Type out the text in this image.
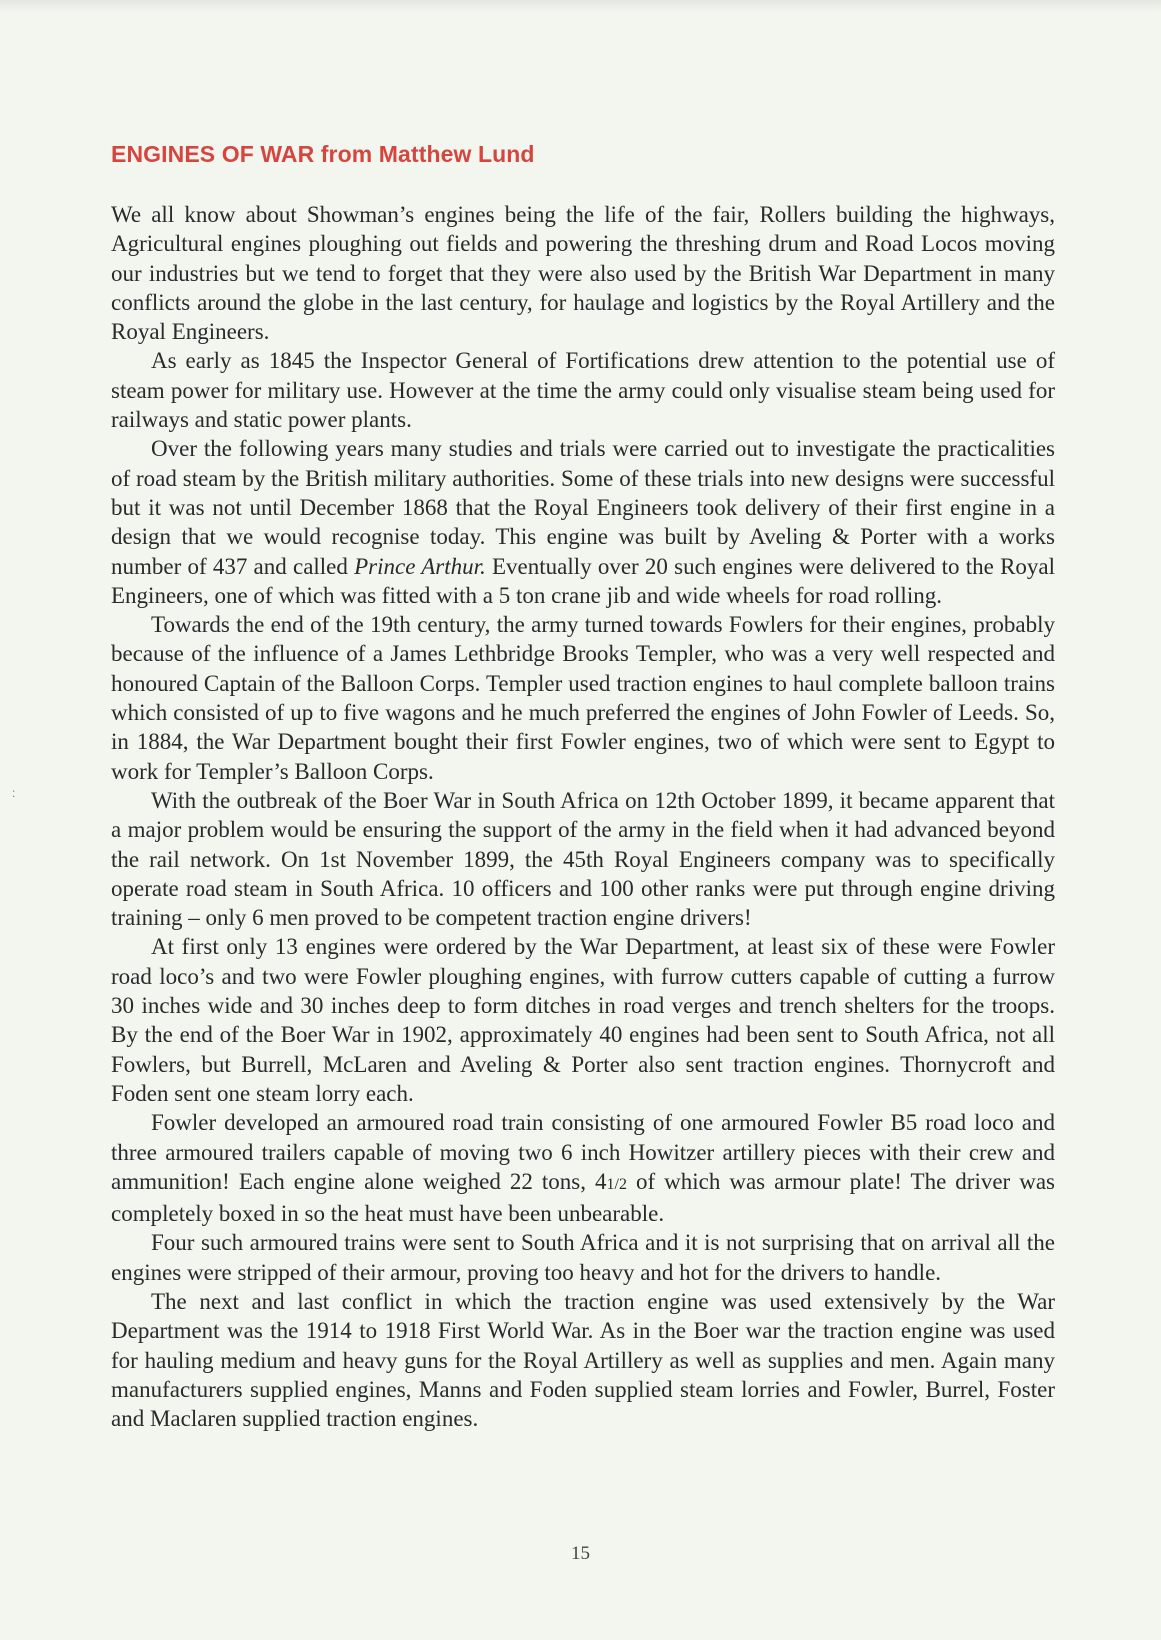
:
ENGINES OF WAR from Matthew Lund

We all know about Showman’s engines being the life of the fair, Rollers building the highways, Agricultural engines ploughing out fields and powering the threshing drum and Road Locos moving our industries but we tend to forget that they were also used by the British War Department in many conflicts around the globe in the last century, for haulage and logistics by the Royal Artillery and the Royal Engineers.

As early as 1845 the Inspector General of Fortifications drew attention to the potential use of steam power for military use. However at the time the army could only visualise steam being used for railways and static power plants.

Over the following years many studies and trials were carried out to investigate the practicalities of road steam by the British military authorities. Some of these trials into new designs were successful but it was not until December 1868 that the Royal Engineers took delivery of their first engine in a design that we would recognise today. This engine was built by Aveling & Porter with a works number of 437 and called Prince Arthur. Eventually over 20 such engines were delivered to the Royal Engineers, one of which was fitted with a 5 ton crane jib and wide wheels for road rolling.

Towards the end of the 19th century, the army turned towards Fowlers for their engines, probably because of the influence of a James Lethbridge Brooks Templer, who was a very well respected and honoured Captain of the Balloon Corps. Templer used traction engines to haul complete balloon trains which consisted of up to five wagons and he much preferred the engines of John Fowler of Leeds. So, in 1884, the War Department bought their first Fowler engines, two of which were sent to Egypt to work for Templer’s Balloon Corps.

With the outbreak of the Boer War in South Africa on 12th October 1899, it became apparent that a major problem would be ensuring the support of the army in the field when it had advanced beyond the rail network. On 1st November 1899, the 45th Royal Engineers company was to specifically operate road steam in South Africa. 10 officers and 100 other ranks were put through engine driving training – only 6 men proved to be competent traction engine drivers!

At first only 13 engines were ordered by the War Department, at least six of these were Fowler road loco’s and two were Fowler ploughing engines, with furrow cutters capable of cutting a furrow 30 inches wide and 30 inches deep to form ditches in road verges and trench shelters for the troops. By the end of the Boer War in 1902, approximately 40 engines had been sent to South Africa, not all Fowlers, but Burrell, McLaren and Aveling & Porter also sent traction engines. Thornycroft and Foden sent one steam lorry each.

Fowler developed an armoured road train consisting of one armoured Fowler B5 road loco and three armoured trailers capable of moving two 6 inch Howitzer artillery pieces with their crew and ammunition! Each engine alone weighed 22 tons, 41/2 of which was armour plate! The driver was completely boxed in so the heat must have been unbearable.

Four such armoured trains were sent to South Africa and it is not surprising that on arrival all the engines were stripped of their armour, proving too heavy and hot for the drivers to handle.

The next and last conflict in which the traction engine was used extensively by the War Department was the 1914 to 1918 First World War. As in the Boer war the traction engine was used for hauling medium and heavy guns for the Royal Artillery as well as supplies and men. Again many manufacturers supplied engines, Manns and Foden supplied steam lorries and Fowler, Burrel, Foster and Maclaren supplied traction engines.

15
